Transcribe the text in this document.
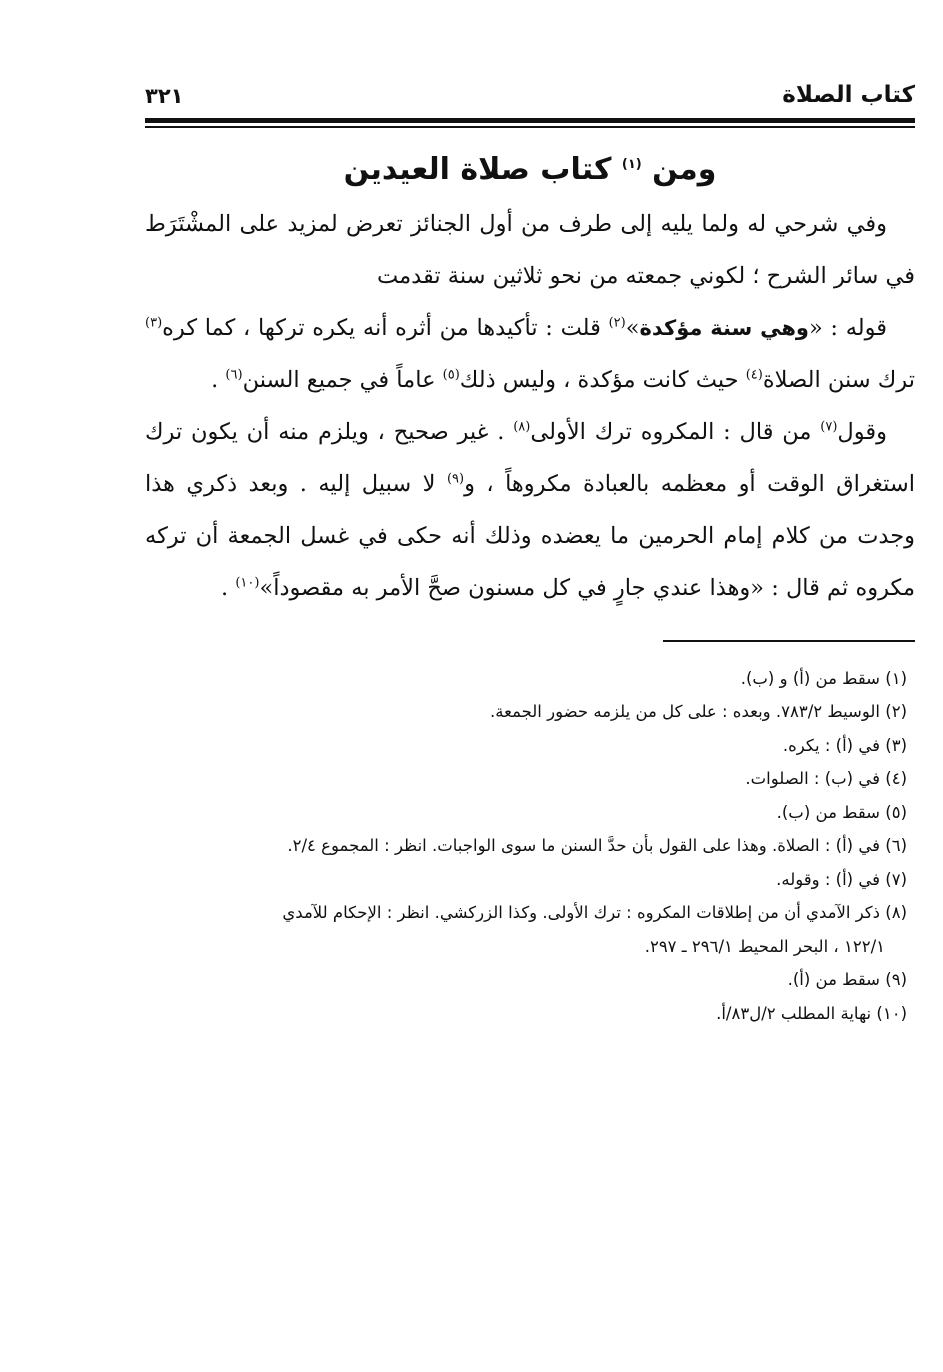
كتاب الصلاة
٣٢١
ومن $^{(١)}$ كتاب صلاة العيدين

وفي شرحي له ولما يليه إلى طرف من أول الجنائز تعرض لمزيد على المشْتَرَط في سائر الشرح ؛ لكوني جمعته من نحو ثلاثين سنة تقدمت

قوله : «وهي سنة مؤكدة»$^{(٢)}$ قلت : تأكيدها من أثره أنه يكره تركها ، كما كره$^{(٣)}$ ترك سنن الصلاة$^{(٤)}$ حيث كانت مؤكدة ، وليس ذلك$^{(٥)}$ عاماً في جميع السنن$^{(٦)}$ .

وقول$^{(٧)}$ من قال : المكروه ترك الأولى$^{(٨)}$ . غير صحيح ، ويلزم منه أن يكون ترك استغراق الوقت أو معظمه بالعبادة مكروهاً ، و$^{(٩)}$ لا سبيل إليه . وبعد ذكري هذا وجدت من كلام إمام الحرمين ما يعضده وذلك أنه حكى في غسل الجمعة أن تركه مكروه ثم قال : «وهذا عندي جارٍ في كل مسنون صحَّ الأمر به مقصوداً»$^{(١٠)}$ .

(١) سقط من (أ) و (ب).

(٢) الوسيط ٧٨٣/٢. وبعده : على كل من يلزمه حضور الجمعة.

(٣) في (أ) : يكره.

(٤) في (ب) : الصلوات.

(٥) سقط من (ب).

(٦) في (أ) : الصلاة. وهذا على القول بأن حدَّ السنن ما سوى الواجبات. انظر : المجموع ٢/٤.

(٧) في (أ) : وقوله.

(٨) ذكر الآمدي أن من إطلاقات المكروه : ترك الأولى. وكذا الزركشي. انظر : الإحكام للآمدي

١٢٢/١ ، البحر المحيط ٢٩٦/١ ـ ٢٩٧.

(٩) سقط من (أ).

(١٠) نهاية المطلب ٢/ل٨٣/أ.
